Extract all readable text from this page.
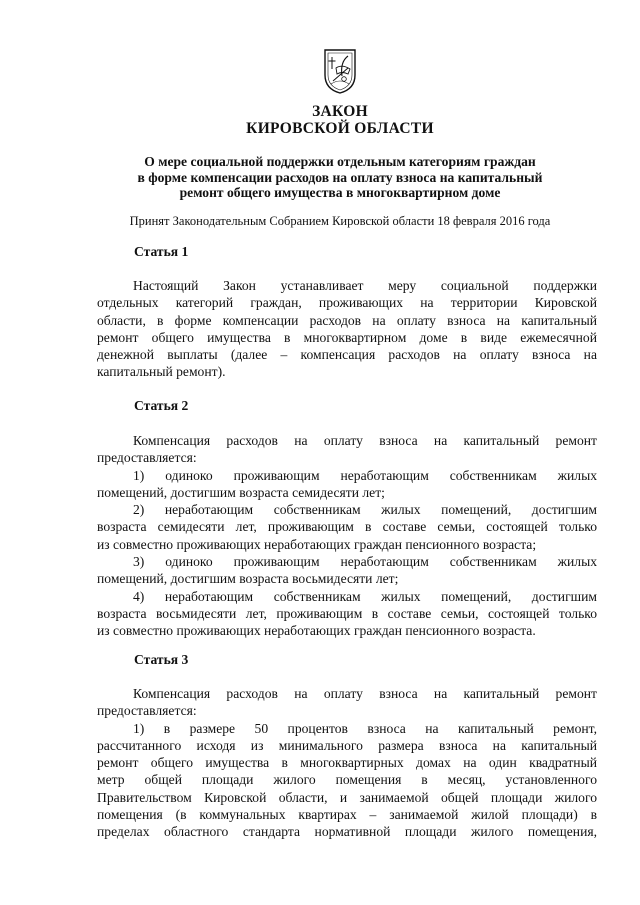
ЗАКОН
КИРОВСКОЙ ОБЛАСТИ
О мере социальной поддержки отдельным категориям граждан
в форме компенсации расходов на оплату взноса на капитальный
ремонт общего имущества в многоквартирном доме
Принят Законодательным Собранием Кировской области 18 февраля 2016 года
Статья 1

Настоящий Закон устанавливает меру социальной поддержки

отдельных категорий граждан, проживающих на территории Кировской

области, в форме компенсации расходов на оплату взноса на капитальный

ремонт общего имущества в многоквартирном доме в виде ежемесячной

денежной выплаты (далее – компенсация расходов на оплату взноса на

капитальный ремонт).

Статья 2

Компенсация расходов на оплату взноса на капитальный ремонт

предоставляется:

1) одиноко проживающим неработающим собственникам жилых

помещений, достигшим возраста семидесяти лет;

2) неработающим собственникам жилых помещений, достигшим

возраста семидесяти лет, проживающим в составе семьи, состоящей только

из совместно проживающих неработающих граждан пенсионного возраста;

3) одиноко проживающим неработающим собственникам жилых

помещений, достигшим возраста восьмидесяти лет;

4) неработающим собственникам жилых помещений, достигшим

возраста восьмидесяти лет, проживающим в составе семьи, состоящей только

из совместно проживающих неработающих граждан пенсионного возраста.

Статья 3

Компенсация расходов на оплату взноса на капитальный ремонт

предоставляется:

1) в размере 50 процентов взноса на капитальный ремонт,

рассчитанного исходя из минимального размера взноса на капитальный

ремонт общего имущества в многоквартирных домах на один квадратный

метр общей площади жилого помещения в месяц, установленного

Правительством Кировской области, и занимаемой общей площади жилого

помещения (в коммунальных квартирах – занимаемой жилой площади) в

пределах областного стандарта нормативной площади жилого помещения,
